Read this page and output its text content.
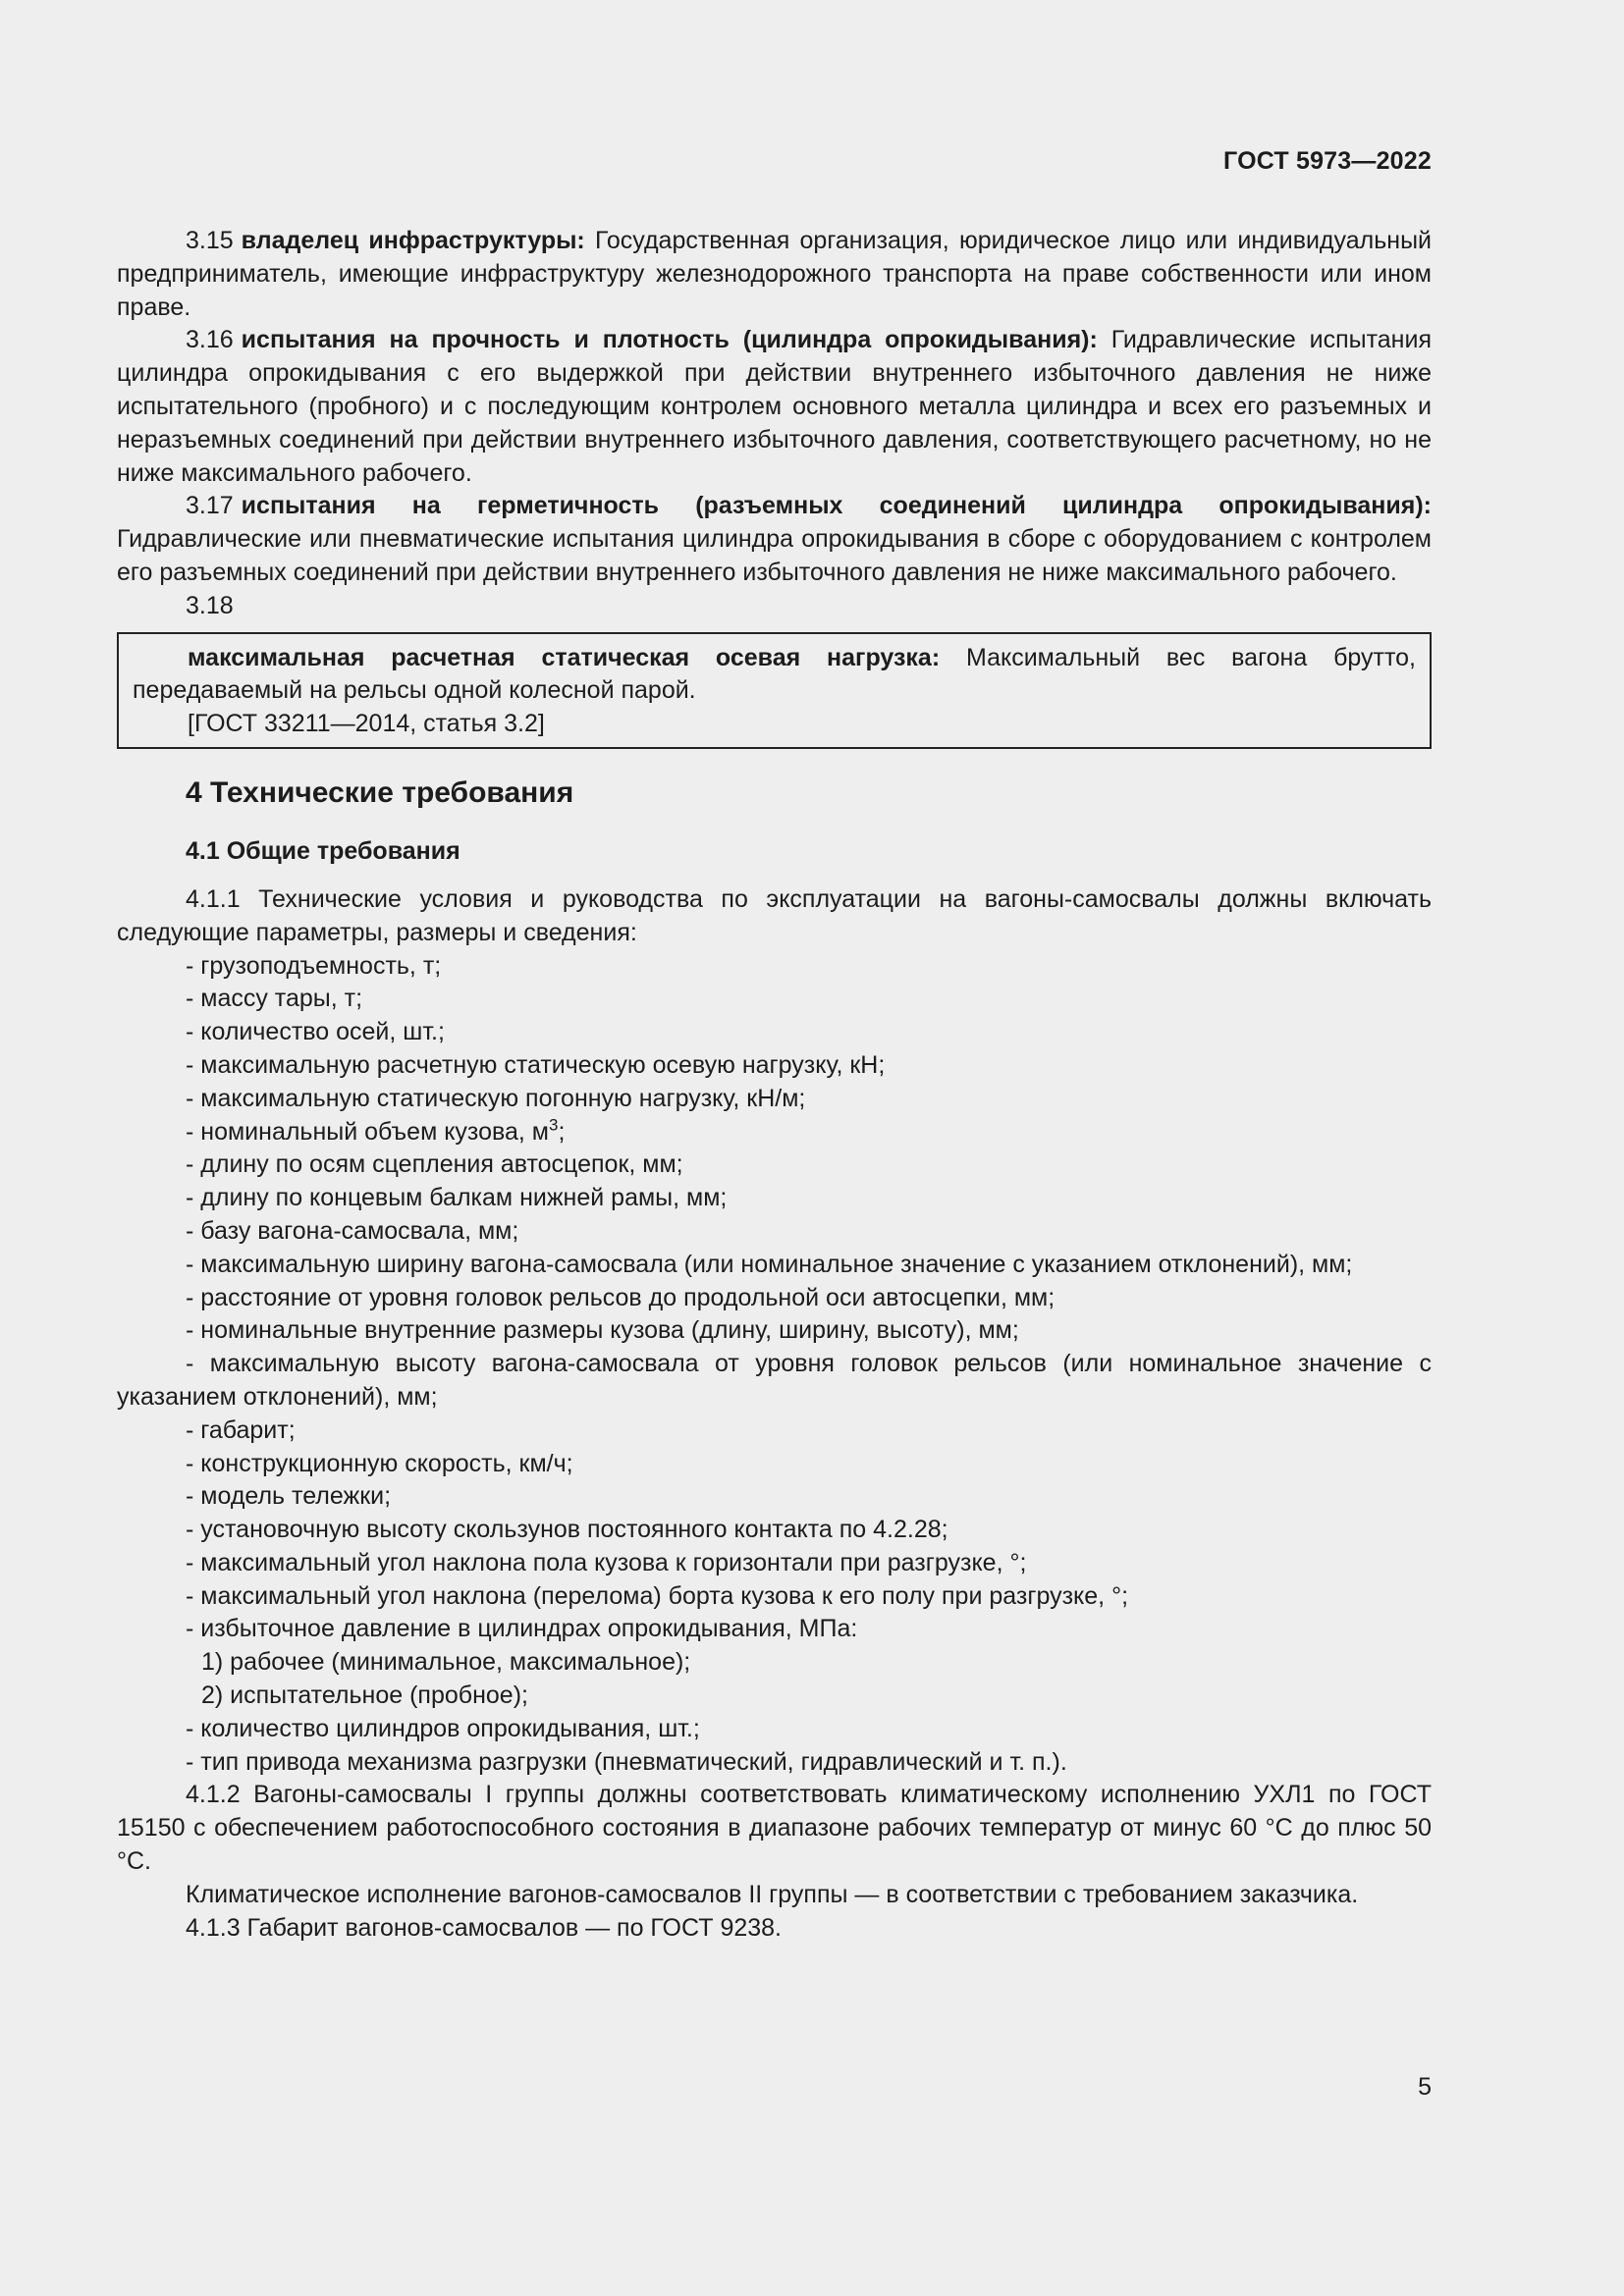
ГОСТ 5973—2022

3.15 владелец инфраструктуры: Государственная организация, юридическое лицо или индивидуальный предприниматель, имеющие инфраструктуру железнодорожного транспорта на праве собственности или ином праве.

3.16 испытания на прочность и плотность (цилиндра опрокидывания): Гидравлические испытания цилиндра опрокидывания с его выдержкой при действии внутреннего избыточного давления не ниже испытательного (пробного) и с последующим контролем основного металла цилиндра и всех его разъемных и неразъемных соединений при действии внутреннего избыточного давления, соответствующего расчетному, но не ниже максимального рабочего.

3.17 испытания на герметичность (разъемных соединений цилиндра опрокидывания): Гидравлические или пневматические испытания цилиндра опрокидывания в сборе с оборудованием с контролем его разъемных соединений при действии внутреннего избыточного давления не ниже максимального рабочего.

3.18

максимальная расчетная статическая осевая нагрузка: Максимальный вес вагона брутто, передаваемый на рельсы одной колесной парой.

[ГОСТ 33211—2014, статья 3.2]

4 Технические требования
4.1 Общие требования

4.1.1 Технические условия и руководства по эксплуатации на вагоны-самосвалы должны включать следующие параметры, размеры и сведения:

- грузоподъемность, т;

- массу тары, т;

- количество осей, шт.;

- максимальную расчетную статическую осевую нагрузку, кН;

- максимальную статическую погонную нагрузку, кН/м;

- номинальный объем кузова, $м^3$;

- длину по осям сцепления автосцепок, мм;

- длину по концевым балкам нижней рамы, мм;

- базу вагона-самосвала, мм;

- максимальную ширину вагона-самосвала (или номинальное значение с указанием отклонений), мм;

- расстояние от уровня головок рельсов до продольной оси автосцепки, мм;

- номинальные внутренние размеры кузова (длину, ширину, высоту), мм;

- максимальную высоту вагона-самосвала от уровня головок рельсов (или номинальное значение с указанием отклонений), мм;

- габарит;

- конструкционную скорость, км/ч;

- модель тележки;

- установочную высоту скользунов постоянного контакта по 4.2.28;

- максимальный угол наклона пола кузова к горизонтали при разгрузке, °;

- максимальный угол наклона (перелома) борта кузова к его полу при разгрузке, °;

- избыточное давление в цилиндрах опрокидывания, МПа:

1) рабочее (минимальное, максимальное);

2) испытательное (пробное);

- количество цилиндров опрокидывания, шт.;

- тип привода механизма разгрузки (пневматический, гидравлический и т. п.).

4.1.2 Вагоны-самосвалы I группы должны соответствовать климатическому исполнению УХЛ1 по ГОСТ 15150 с обеспечением работоспособного состояния в диапазоне рабочих температур от минус 60 °С до плюс 50 °С.

Климатическое исполнение вагонов-самосвалов II группы — в соответствии с требованием заказчика.

4.1.3 Габарит вагонов-самосвалов — по ГОСТ 9238.

5
